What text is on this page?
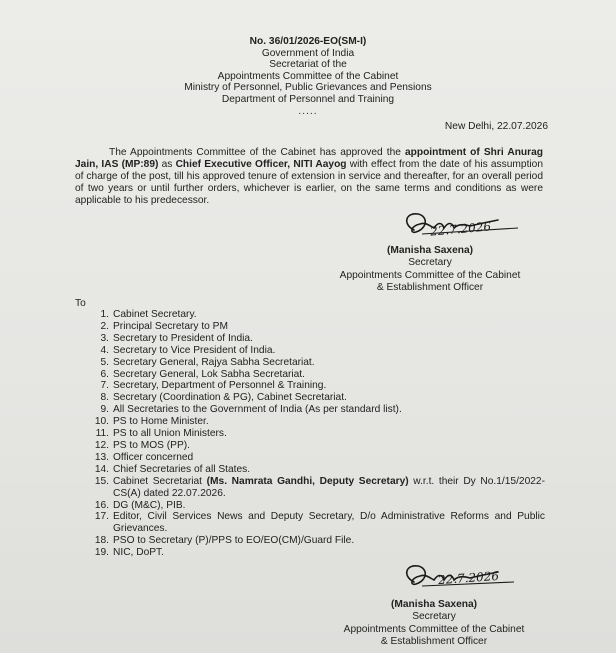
No. 36/01/2026-EO(SM-I)
Government of India
Secretariat of the
Appointments Committee of the Cabinet
Ministry of Personnel, Public Grievances and Pensions
Department of Personnel and Training
.....
New Delhi, 22.07.2026
The Appointments Committee of the Cabinet has approved the appointment of Shri Anurag Jain, IAS (MP:89) as Chief Executive Officer, NITI Aayog with effect from the date of his assumption of charge of the post, till his approved tenure of extension in service and thereafter, for an overall period of two years or until further orders, whichever is earlier, on the same terms and conditions as were applicable to his predecessor.
22.7.2026
(Manisha Saxena)
Secretary
Appointments Committee of the Cabinet
& Establishment Officer
To
1. Cabinet Secretary.
2. Principal Secretary to PM
3. Secretary to President of India.
4. Secretary to Vice President of India.
5. Secretary General, Rajya Sabha Secretariat.
6. Secretary General, Lok Sabha Secretariat.
7. Secretary, Department of Personnel & Training.
8. Secretary (Coordination & PG), Cabinet Secretariat.
9. All Secretaries to the Government of India (As per standard list).
10. PS to Home Minister.
11. PS to all Union Ministers.
12. PS to MOS (PP).
13. Officer concerned
14. Chief Secretaries of all States.
15. Cabinet Secretariat (Ms. Namrata Gandhi, Deputy Secretary) w.r.t. their Dy No.1/15/2022-CS(A) dated 22.07.2026.
16. DG (M&C), PIB.
17. Editor, Civil Services News and Deputy Secretary, D/o Administrative Reforms and Public Grievances.
18. PSO to Secretary (P)/PPS to EO/EO(CM)/Guard File.
19. NIC, DoPT.
22.7.2026
(Manisha Saxena)
Secretary
Appointments Committee of the Cabinet
& Establishment Officer
